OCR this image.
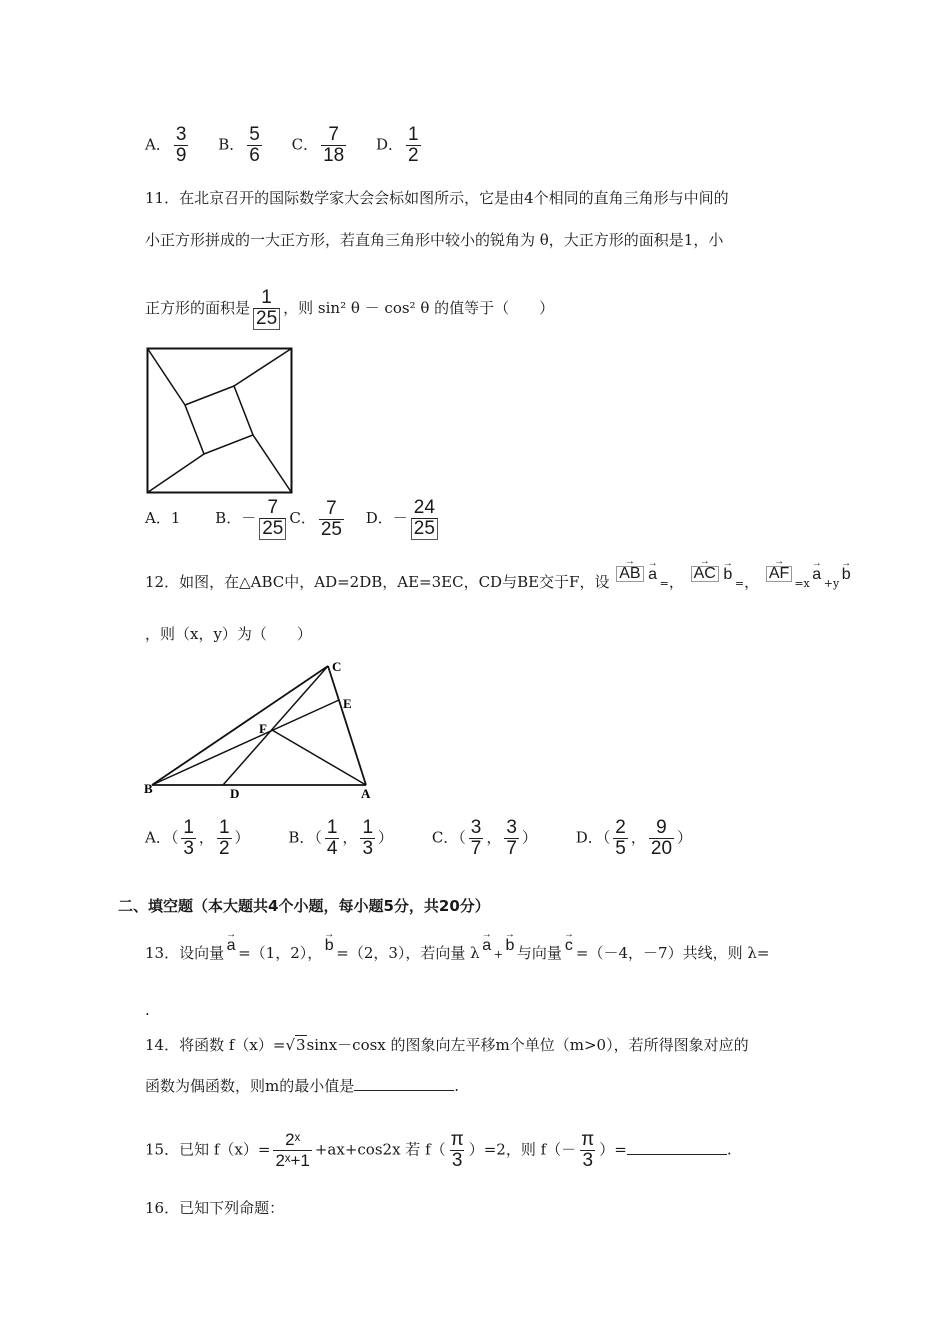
A． $\frac{3}{9}$ B． $\frac{5}{6}$ C． $\frac{7}{18}$ D． $\frac{1}{2}$
11．在北京召开的国际数学家大会会标如图所示，它是由4个相同的直角三角形与中间的
小正方形拼成的一大正方形，若直角三角形中较小的锐角为 θ，大正方形的面积是1，小
正方形的面积是 $\frac{1}{25}$ ，则 sin² θ － cos² θ 的值等于（　　）
A．1 B．－ $\frac{7}{25}$ C． $\frac{7}{25}$ D．－ $\frac{24}{25}$
12．如图，在△ABC中，AD=2DB，AE=3EC，CD与BE交于F，设
→
AB
→
a
=，
→
AC
→
b
=，
→
AF
=x
→
a
+y
→
b
，则（x，y）为（　　）
C
E
F
B	D	A
A．（ $\frac{1}{3}$ ， $\frac{1}{2}$ ）	B．（ $\frac{1}{4}$ ， $\frac{1}{3}$ ）	C．（ $\frac{3}{7}$ ， $\frac{3}{7}$ ）	D．（ $\frac{2}{5}$ ， $\frac{9}{20}$ ）
二、填空题（本大题共4个小题，每小题5分，共20分）
13．设向量
→
a =（1，2），
→
b =（2，3），若向量 λ
→
a
+
→
b 与向量
→
c =（－4，－7）共线，则 λ=
.
14．将函数 f（x）=√3sinx－cosx 的图象向左平移m个单位（m>0），若所得图象对应的
函数为偶函数，则m的最小值是	.
15．已知 $f(x)= \frac{\text{2ˣ}}{\text{2ˣ+1}} +ax+\cos 2x$ 若 $f( \frac{\pi}{3} )=2$，则 $f(- \frac{\pi}{3}$ ）=	.
16．已知下列命题：
